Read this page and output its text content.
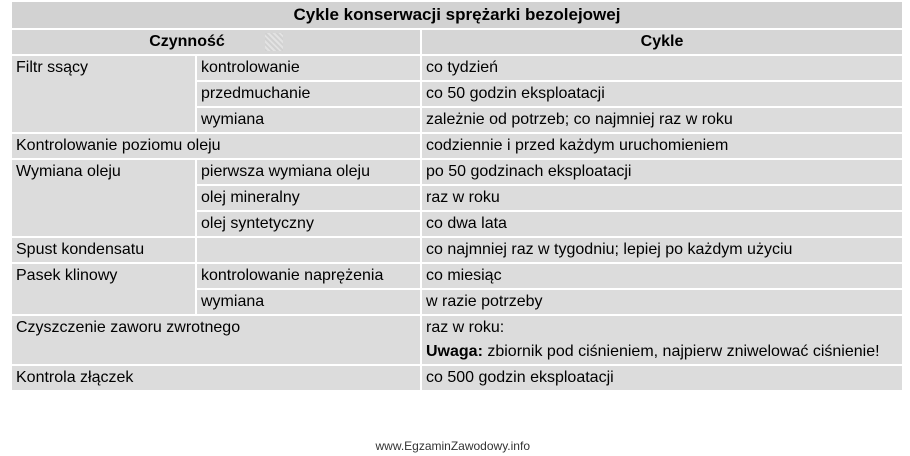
Cykle konserwacji sprężarki bezolejowej		
Czynność		Cykle
Filtr ssący	kontrolowanie	co tydzień
	przedmuchanie	co 50 godzin eksploatacji
	wymiana	zależnie od potrzeb; co najmniej raz w roku
Kontrolowanie poziomu oleju		codziennie i przed każdym uruchomieniem
Wymiana oleju	pierwsza wymiana oleju	po 50 godzinach eksploatacji
	olej mineralny	raz w roku
	olej syntetyczny	co dwa lata
Spust kondensatu		co najmniej raz w tygodniu; lepiej po każdym użyciu
Pasek klinowy	kontrolowanie naprężenia	co miesiąc
	wymiana	w razie potrzeby
Czyszczenie zaworu zwrotnego		raz w roku:
Uwaga: zbiornik pod ciśnieniem, najpierw zniwelować ciśnienie!

Kontrola złączek		co 500 godzin eksploatacji
www.EgzaminZawodowy.info
